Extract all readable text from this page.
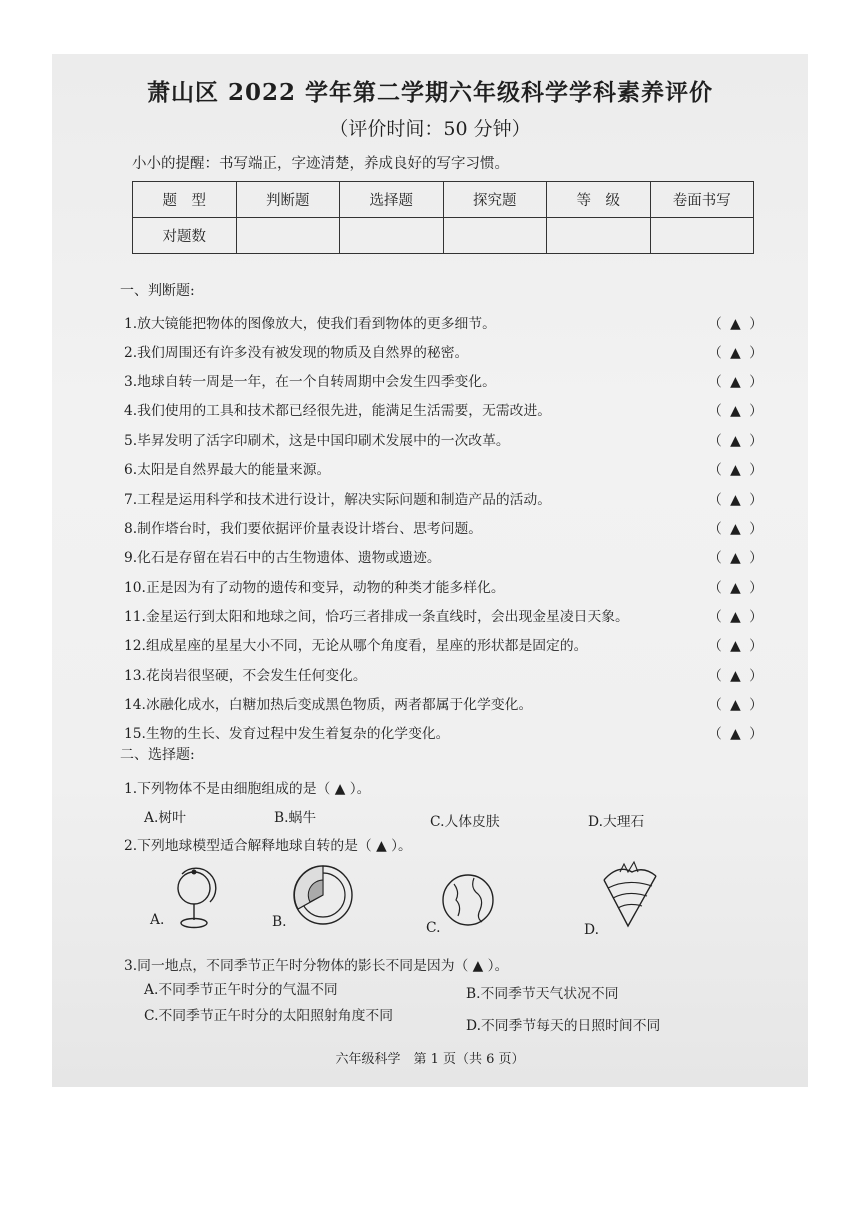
萧山区 2022 学年第二学期六年级科学学科素养评价
（评价时间：50 分钟）
小小的提醒：书写端正，字迹清楚，养成良好的写字习惯。
题　型	判断题	选择题	探究题	等　级	卷面书写
对题数					
一、判断题:
1.放大镜能把物体的图像放大，使我们看到物体的更多细节。	（ ▲ ）
2.我们周围还有许多没有被发现的物质及自然界的秘密。	（ ▲ ）
3.地球自转一周是一年，在一个自转周期中会发生四季变化。	（ ▲ ）
4.我们使用的工具和技术都已经很先进，能满足生活需要，无需改进。	（ ▲ ）
5.毕昇发明了活字印刷术，这是中国印刷术发展中的一次改革。	（ ▲ ）
6.太阳是自然界最大的能量来源。	（ ▲ ）
7.工程是运用科学和技术进行设计，解决实际问题和制造产品的活动。	（ ▲ ）
8.制作塔台时，我们要依据评价量表设计塔台、思考问题。	（ ▲ ）
9.化石是存留在岩石中的古生物遗体、遗物或遗迹。	（ ▲ ）
10.正是因为有了动物的遗传和变异，动物的种类才能多样化。	（ ▲ ）
11.金星运行到太阳和地球之间，恰巧三者排成一条直线时，会出现金星凌日天象。	（ ▲ ）
12.组成星座的星星大小不同，无论从哪个角度看，星座的形状都是固定的。	（ ▲ ）
13.花岗岩很坚硬，不会发生任何变化。	（ ▲ ）
14.冰融化成水，白糖加热后变成黑色物质，两者都属于化学变化。	（ ▲ ）
15.生物的生长、发育过程中发生着复杂的化学变化。	（ ▲ ）
二、选择题:
1.下列物体不是由细胞组成的是（ ▲ ）。
A.树叶	B.蜗牛	C.人体皮肤	D.大理石
2.下列地球模型适合解释地球自转的是（ ▲ ）。
A.	B.	C.	D.
3.同一地点，不同季节正午时分物体的影长不同是因为（ ▲ ）。
A.不同季节正午时分的气温不同	B.不同季节天气状况不同
C.不同季节正午时分的太阳照射角度不同
D.不同季节每天的日照时间不同
六年级科学　第 1 页（共 6 页）
